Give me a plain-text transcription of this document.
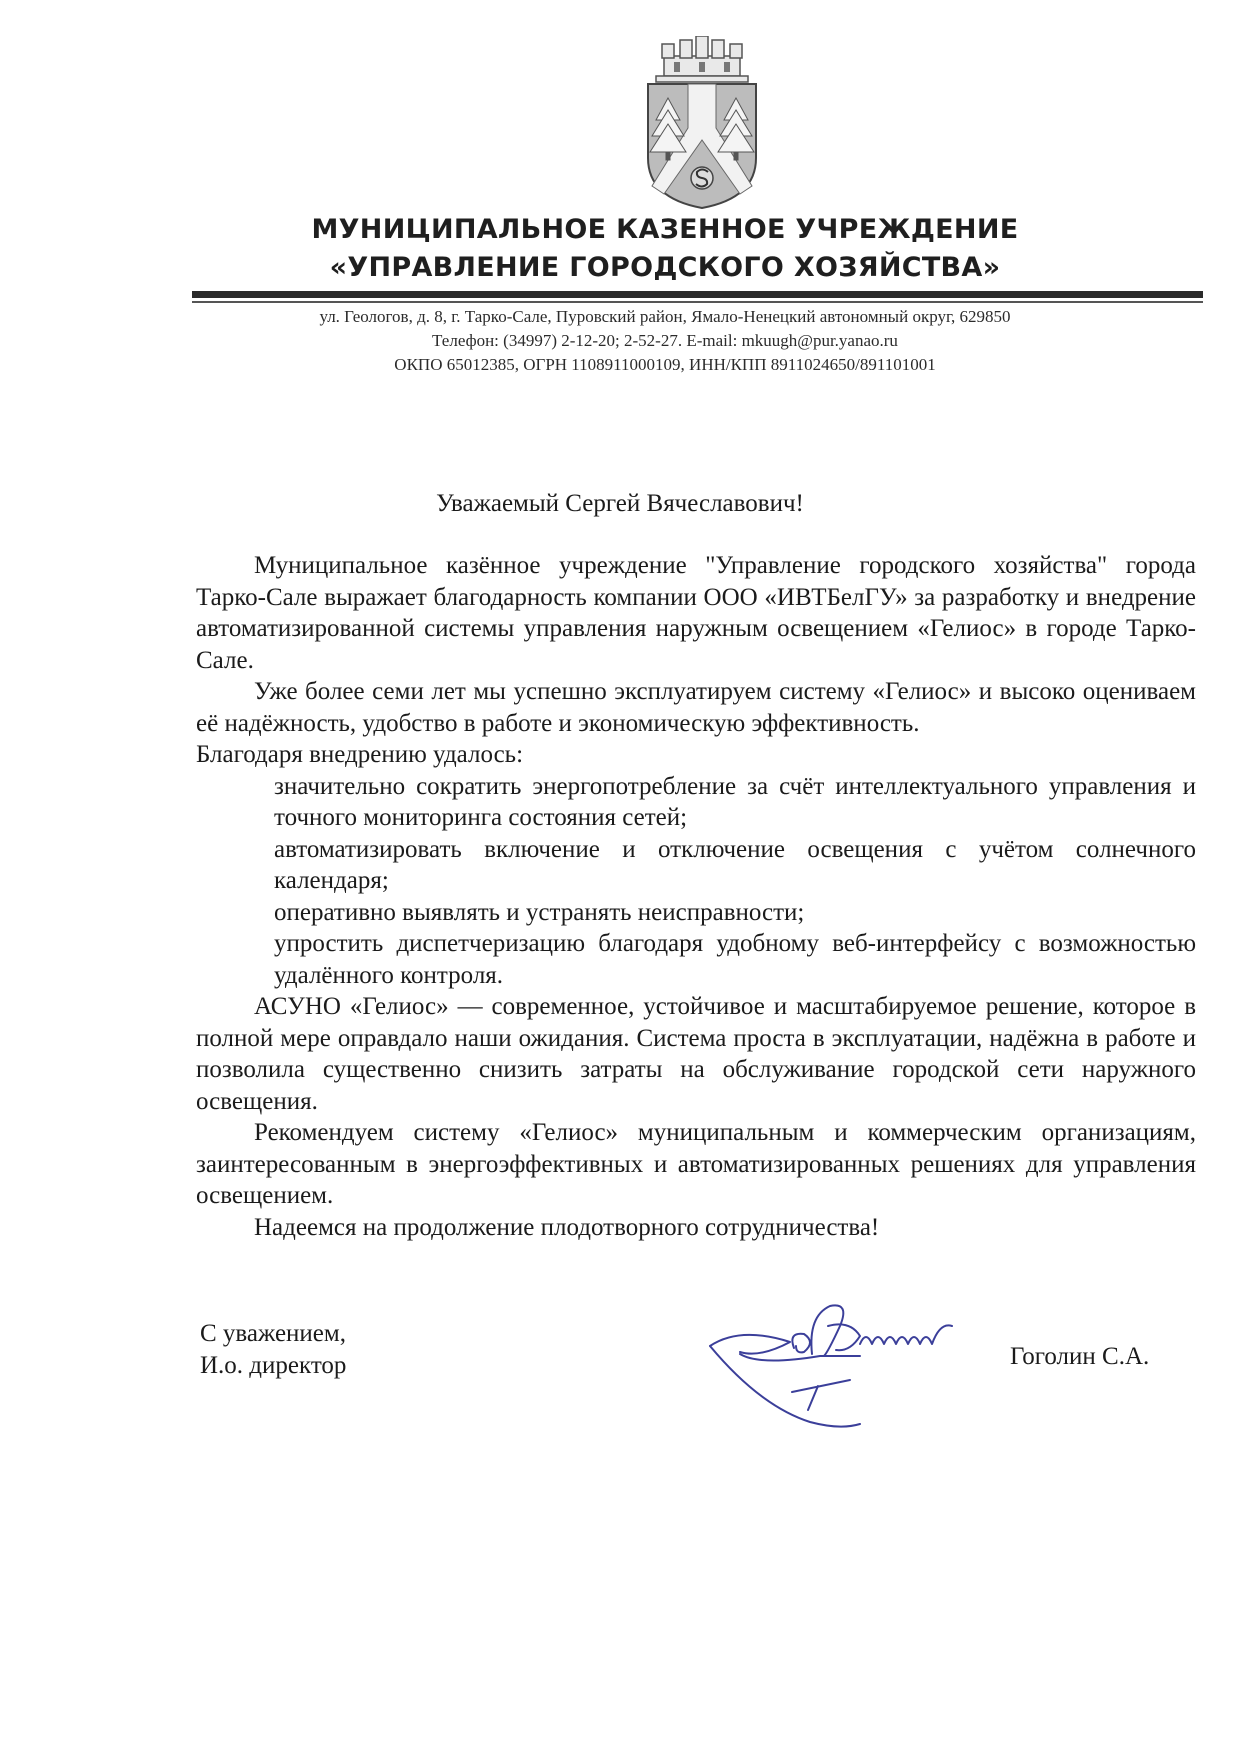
МУНИЦИПАЛЬНОЕ КАЗЕННОЕ УЧРЕЖДЕНИЕ
«УПРАВЛЕНИЕ ГОРОДСКОГО ХОЗЯЙСТВА»
ул. Геологов, д. 8, г. Тарко-Сале, Пуровский район, Ямало-Ненецкий автономный округ, 629850
Телефон: (34997) 2-12-20; 2-52-27. E-mail: mkuugh@pur.yanao.ru
ОКПО 65012385, ОГРН 1108911000109, ИНН/КПП 8911024650/891101001
Уважаемый Сергей Вячеславович!

Муниципальное казённое учреждение "Управление городского хозяйства" города Тарко-Сале выражает благодарность компании ООО «ИВТБелГУ» за разработку и внедрение автоматизированной системы управления наружным освещением «Гелиос» в городе Тарко-Сале.

Уже более семи лет мы успешно эксплуатируем систему «Гелиос» и высоко оцениваем её надёжность, удобство в работе и экономическую эффективность.

Благодаря внедрению удалось:

значительно сократить энергопотребление за счёт интеллектуального управления и точного мониторинга состояния сетей;

автоматизировать включение и отключение освещения с учётом солнечного календаря;

оперативно выявлять и устранять неисправности;

упростить диспетчеризацию благодаря удобному веб-интерфейсу с возможностью удалённого контроля.

АСУНО «Гелиос» — современное, устойчивое и масштабируемое решение, которое в полной мере оправдало наши ожидания. Система проста в эксплуатации, надёжна в работе и позволила существенно снизить затраты на обслуживание городской сети наружного освещения.

Рекомендуем систему «Гелиос» муниципальным и коммерческим организациям, заинтересованным в энергоэффективных и автоматизированных решениях для управления освещением.

Надеемся на продолжение плодотворного сотрудничества!

С уважением,
И.о. директор	Гоголин С.А.
